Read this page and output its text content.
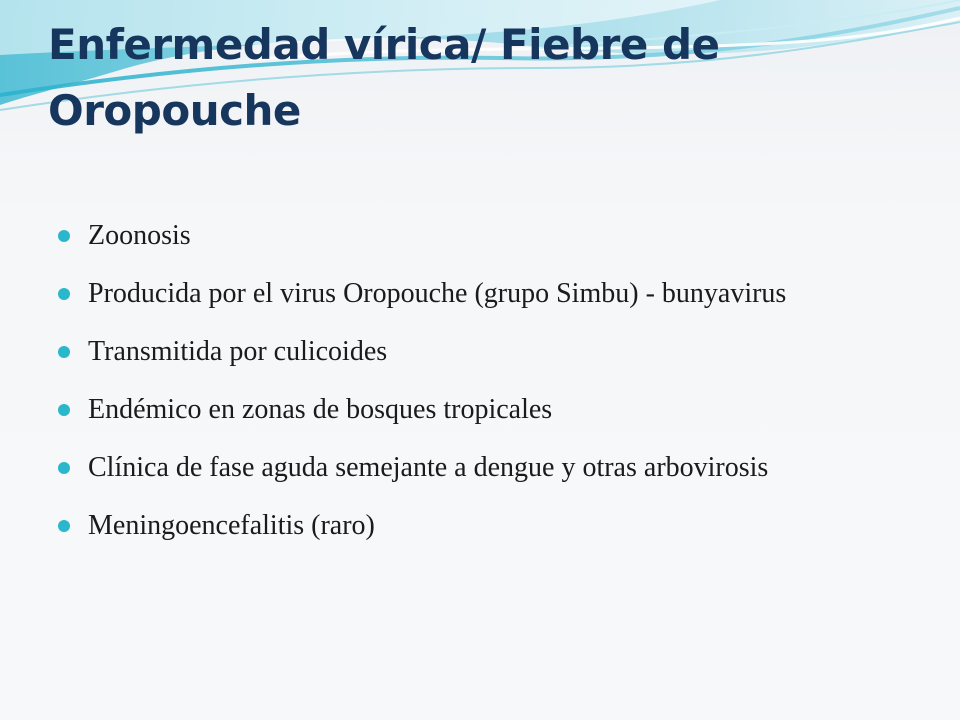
Enfermedad vírica/ Fiebre de Oropouche
Zoonosis
Producida por el virus Oropouche (grupo Simbu) - bunyavirus
Transmitida por culicoides
Endémico en zonas de bosques tropicales
Clínica de fase aguda semejante a dengue y otras arbovirosis
Meningoencefalitis (raro)
